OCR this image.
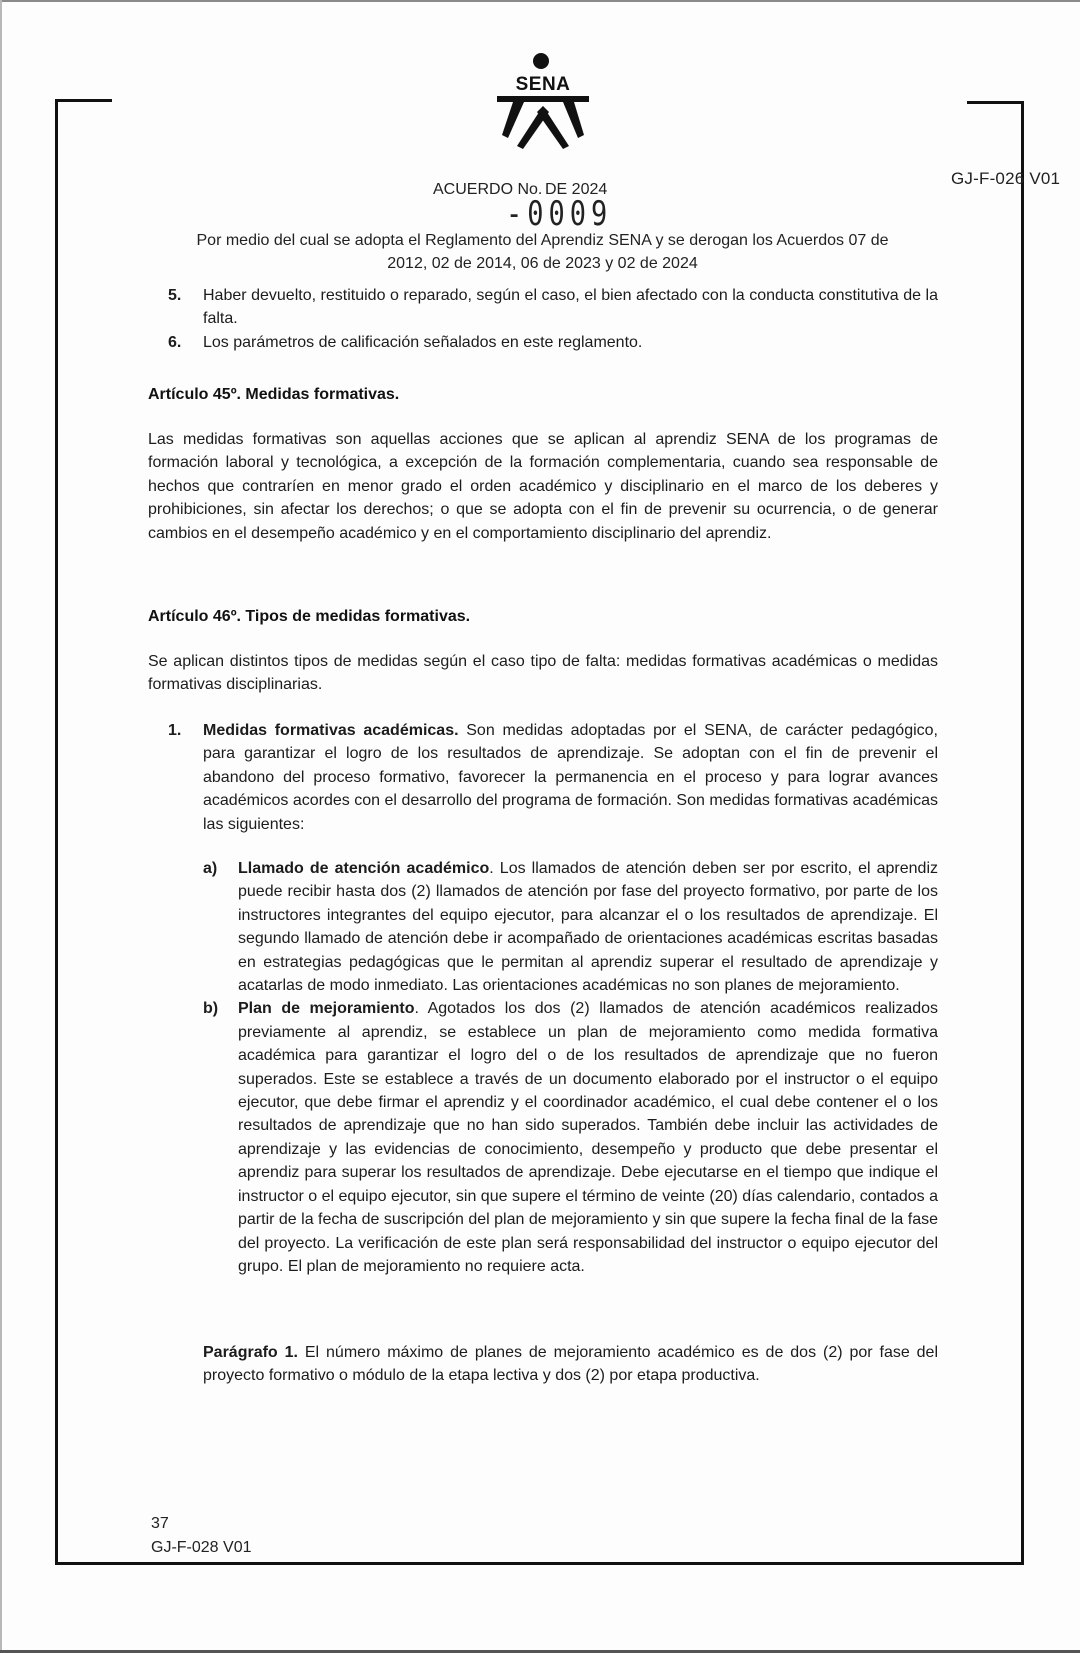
SENA
GJ-F-026 V01
ACUERDO No. DE 2024
-0009
Por medio del cual se adopta el Reglamento del Aprendiz SENA y se derogan los Acuerdos 07 de
2012, 02 de 2014, 06 de 2023 y 02 de 2024
5. Haber devuelto, restituido o reparado, según el caso, el bien afectado con la conducta constitutiva de la falta.
6. Los parámetros de calificación señalados en este reglamento.
Artículo 45º. Medidas formativas.
Las medidas formativas son aquellas acciones que se aplican al aprendiz SENA de los programas de formación laboral y tecnológica, a excepción de la formación complementaria, cuando sea responsable de hechos que contraríen en menor grado el orden académico y disciplinario en el marco de los deberes y prohibiciones, sin afectar los derechos; o que se adopta con el fin de prevenir su ocurrencia, o de generar cambios en el desempeño académico y en el comportamiento disciplinario del aprendiz.
Artículo 46º. Tipos de medidas formativas.
Se aplican distintos tipos de medidas según el caso tipo de falta: medidas formativas académicas o medidas formativas disciplinarias.
1. Medidas formativas académicas. Son medidas adoptadas por el SENA, de carácter pedagógico, para garantizar el logro de los resultados de aprendizaje. Se adoptan con el fin de prevenir el abandono del proceso formativo, favorecer la permanencia en el proceso y para lograr avances académicos acordes con el desarrollo del programa de formación. Son medidas formativas académicas las siguientes:
a) Llamado de atención académico. Los llamados de atención deben ser por escrito, el aprendiz puede recibir hasta dos (2) llamados de atención por fase del proyecto formativo, por parte de los instructores integrantes del equipo ejecutor, para alcanzar el o los resultados de aprendizaje. El segundo llamado de atención debe ir acompañado de orientaciones académicas escritas basadas en estrategias pedagógicas que le permitan al aprendiz superar el resultado de aprendizaje y acatarlas de modo inmediato. Las orientaciones académicas no son planes de mejoramiento.
b) Plan de mejoramiento. Agotados los dos (2) llamados de atención académicos realizados previamente al aprendiz, se establece un plan de mejoramiento como medida formativa académica para garantizar el logro del o de los resultados de aprendizaje que no fueron superados. Este se establece a través de un documento elaborado por el instructor o el equipo ejecutor, que debe firmar el aprendiz y el coordinador académico, el cual debe contener el o los resultados de aprendizaje que no han sido superados. También debe incluir las actividades de aprendizaje y las evidencias de conocimiento, desempeño y producto que debe presentar el aprendiz para superar los resultados de aprendizaje. Debe ejecutarse en el tiempo que indique el instructor o el equipo ejecutor, sin que supere el término de veinte (20) días calendario, contados a partir de la fecha de suscripción del plan de mejoramiento y sin que supere la fecha final de la fase del proyecto. La verificación de este plan será responsabilidad del instructor o equipo ejecutor del grupo. El plan de mejoramiento no requiere acta.
Parágrafo 1. El número máximo de planes de mejoramiento académico es de dos (2) por fase del proyecto formativo o módulo de la etapa lectiva y dos (2) por etapa productiva.
37
GJ-F-028 V01
